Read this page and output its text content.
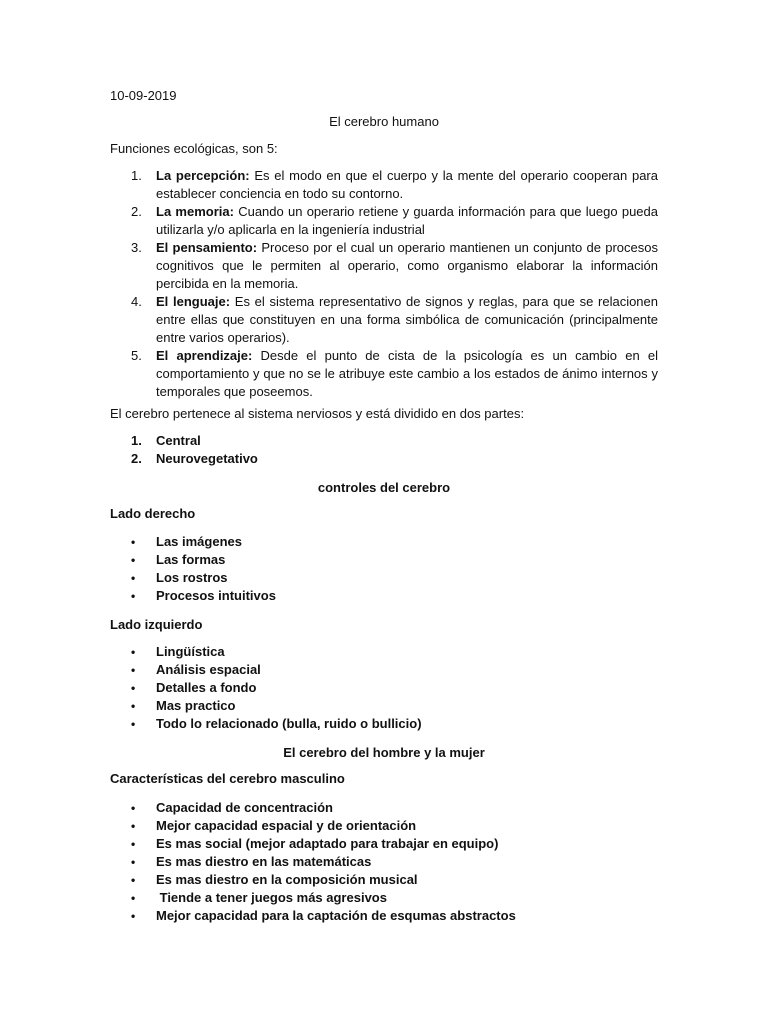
10-09-2019
El cerebro humano
Funciones ecológicas, son 5:
1. La percepción: Es el modo en que el cuerpo y la mente del operario cooperan para establecer conciencia en todo su contorno.
2. La memoria: Cuando un operario retiene y guarda información para que luego pueda utilizarla y/o aplicarla en la ingeniería industrial
3. El pensamiento: Proceso por el cual un operario mantienen un conjunto de procesos cognitivos que le permiten al operario, como organismo elaborar la información percibida en la memoria.
4. El lenguaje: Es el sistema representativo de signos y reglas, para que se relacionen entre ellas que constituyen en una forma simbólica de comunicación (principalmente entre varios operarios).
5. El aprendizaje: Desde el punto de cista de la psicología es un cambio en el comportamiento y que no se le atribuye este cambio a los estados de ánimo internos y temporales que poseemos.
El cerebro pertenece al sistema nerviosos y está dividido en dos partes:
1. Central
2. Neurovegetativo
controles del cerebro
Lado derecho
• Las imágenes
• Las formas
• Los rostros
• Procesos intuitivos
Lado izquierdo
• Lingüística
• Análisis espacial
• Detalles a fondo
• Mas practico
• Todo lo relacionado (bulla, ruido o bullicio)
El cerebro del hombre y la mujer
Características del cerebro masculino
• Capacidad de concentración
• Mejor capacidad espacial y de orientación
• Es mas social (mejor adaptado para trabajar en equipo)
• Es mas diestro en las matemáticas
• Es mas diestro en la composición musical
• Tiende a tener juegos más agresivos
• Mejor capacidad para la captación de esqumas abstractos
